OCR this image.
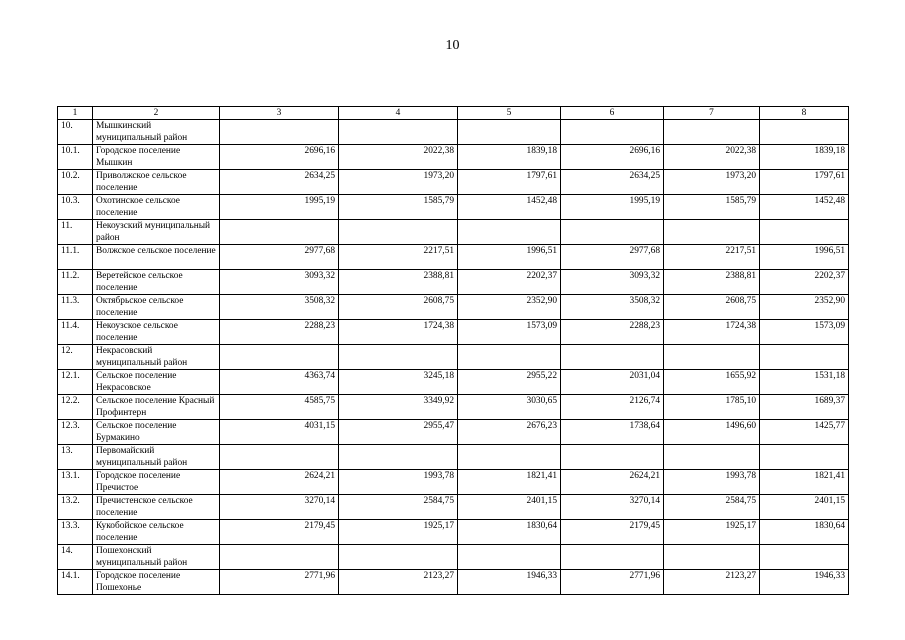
10
1	2	3	4	5	6	7	8
10.	Мышкинский муниципальный район						
10.1.	Городское поселение Мышкин	2696,16	2022,38	1839,18	2696,16	2022,38	1839,18
10.2.	Приволжское сельское поселение	2634,25	1973,20	1797,61	2634,25	1973,20	1797,61
10.3.	Охотинское сельское поселение	1995,19	1585,79	1452,48	1995,19	1585,79	1452,48
11.	Некоузский муниципальный район						
11.1.	Волжское сельское поселение	2977,68	2217,51	1996,51	2977,68	2217,51	1996,51
11.2.	Веретейское сельское поселение	3093,32	2388,81	2202,37	3093,32	2388,81	2202,37
11.3.	Октябрьское сельское поселение	3508,32	2608,75	2352,90	3508,32	2608,75	2352,90
11.4.	Некоузское сельское поселение	2288,23	1724,38	1573,09	2288,23	1724,38	1573,09
12.	Некрасовский муниципальный район						
12.1.	Сельское поселение Некрасовское	4363,74	3245,18	2955,22	2031,04	1655,92	1531,18
12.2.	Сельское поселение Красный Профинтерн	4585,75	3349,92	3030,65	2126,74	1785,10	1689,37
12.3.	Сельское поселение Бурмакино	4031,15	2955,47	2676,23	1738,64	1496,60	1425,77
13.	Первомайский муниципальный район						
13.1.	Городское поселение Пречистое	2624,21	1993,78	1821,41	2624,21	1993,78	1821,41
13.2.	Пречистенское сельское поселение	3270,14	2584,75	2401,15	3270,14	2584,75	2401,15
13.3.	Кукобойское сельское поселение	2179,45	1925,17	1830,64	2179,45	1925,17	1830,64
14.	Пошехонский муниципальный район						
14.1.	Городское поселение Пошехонье	2771,96	2123,27	1946,33	2771,96	2123,27	1946,33
